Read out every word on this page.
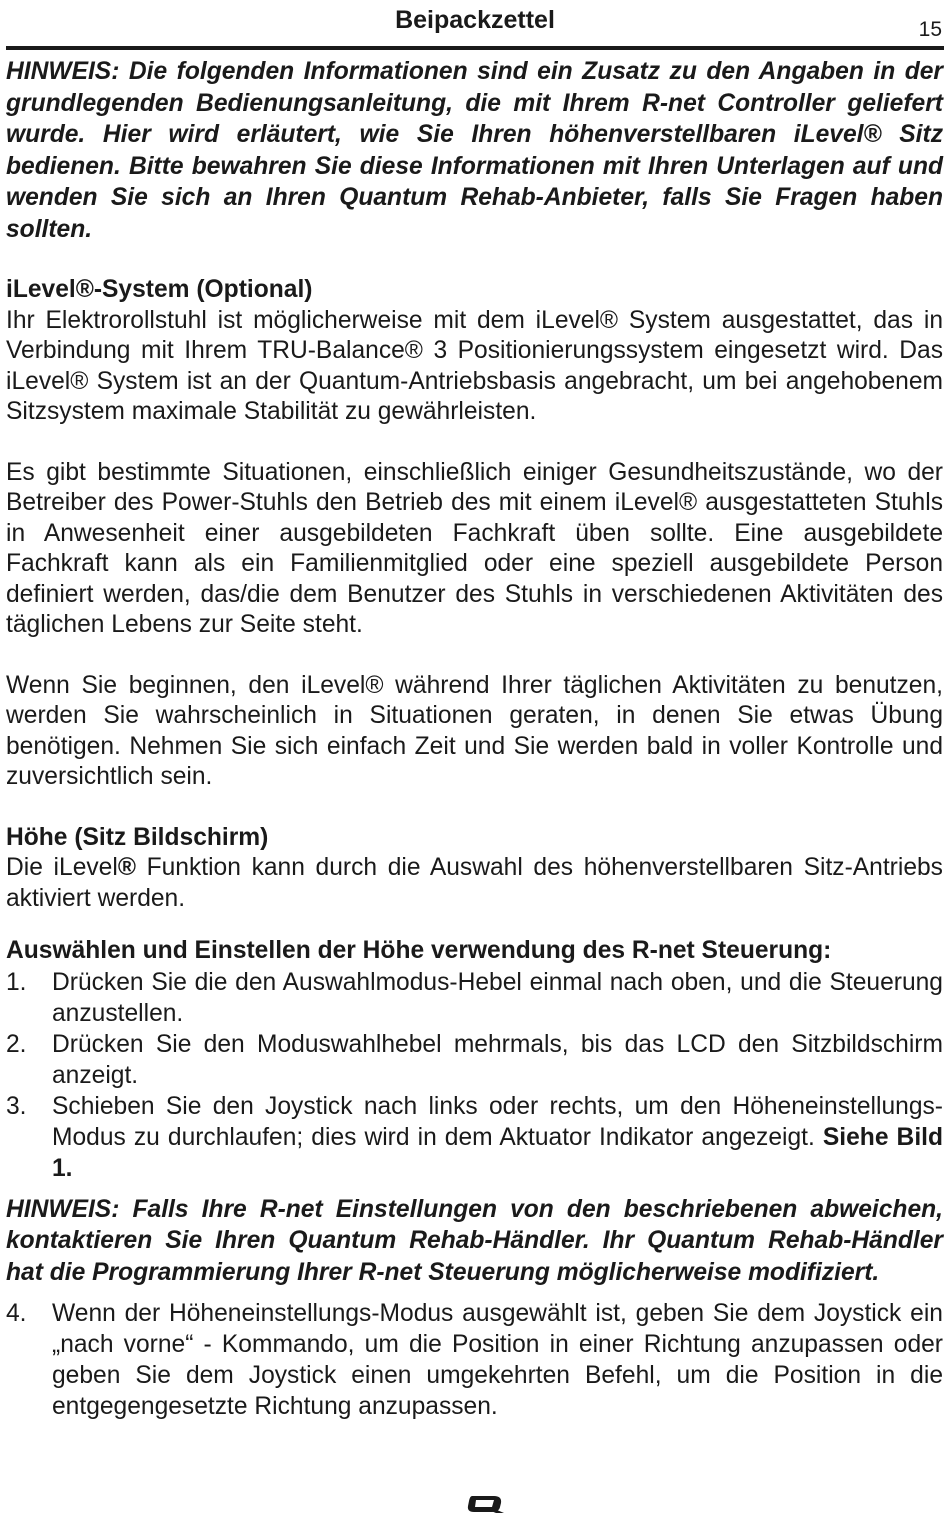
Beipackzettel	15

HINWEIS: Die folgenden Informationen sind ein Zusatz zu den Angaben in der grundlegenden Bedienungsanleitung, die mit Ihrem R-net Controller geliefert wurde. Hier wird erläutert, wie Sie Ihren höhenverstellbaren iLevel® Sitz bedienen. Bitte bewahren Sie diese Informationen mit Ihren Unterlagen auf und wenden Sie sich an Ihren Quantum Rehab-Anbieter, falls Sie Fragen haben sollten.

iLevel®-System (Optional)

Ihr Elektrorollstuhl ist möglicherweise mit dem iLevel® System ausgestattet, das in Verbindung mit Ihrem TRU-Balance® 3 Positionierungssystem eingesetzt wird. Das iLevel® System ist an der Quantum-Antriebsbasis angebracht, um bei angehobenem Sitzsystem maximale Stabilität zu gewährleisten.

Es gibt bestimmte Situationen, einschließlich einiger Gesundheitszustände, wo der Betreiber des Power-Stuhls den Betrieb des mit einem iLevel® ausgestatteten Stuhls in Anwesenheit einer ausgebildeten Fachkraft üben sollte. Eine ausgebildete Fachkraft kann als ein Familienmitglied oder eine speziell ausgebildete Person definiert werden, das/die dem Benutzer des Stuhls in verschiedenen Aktivitäten des täglichen Lebens zur Seite steht.

Wenn Sie beginnen, den iLevel® während Ihrer täglichen Aktivitäten zu benutzen, werden Sie wahrscheinlich in Situationen geraten, in denen Sie etwas Übung benötigen. Nehmen Sie sich einfach Zeit und Sie werden bald in voller Kontrolle und zuversichtlich sein.

Höhe (Sitz Bildschirm)

Die iLevel® Funktion kann durch die Auswahl des höhenverstellbaren Sitz-Antriebs aktiviert werden.

Auswählen und Einstellen der Höhe verwendung des R-net Steuerung:

1. Drücken Sie die den Auswahlmodus-Hebel einmal nach oben, und die Steuerung anzustellen.
2. Drücken Sie den Moduswahlhebel mehrmals, bis das LCD den Sitzbildschirm anzeigt.
3. Schieben Sie den Joystick nach links oder rechts, um den Höheneinstellungs-Modus zu durchlaufen; dies wird in dem Aktuator Indikator angezeigt. Siehe Bild 1.

HINWEIS: Falls Ihre R-net Einstellungen von den beschriebenen abweichen, kontaktieren Sie Ihren Quantum Rehab-Händler. Ihr Quantum Rehab-Händler hat die Programmierung Ihrer R-net Steuerung möglicherweise modifiziert.

4. Wenn der Höheneinstellungs-Modus ausgewählt ist, geben Sie dem Joystick ein „nach vorne“ - Kommando, um die Position in einer Richtung anzupassen oder geben Sie dem Joystick einen umgekehrten Befehl, um die Position in die entgegengesetzte Richtung anzupassen.
